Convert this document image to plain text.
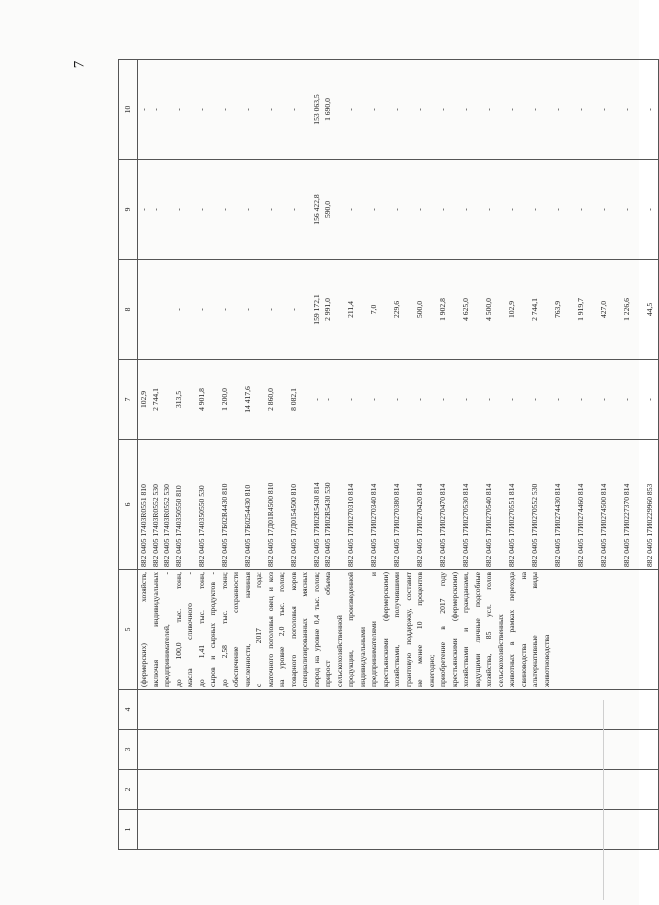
7
1	2	3	4	5	6	7	8	9	10
				(фермерских) хозяйств,	882 0405 17403R0551 810	102,9		-	-
				включая индивидуальных	882 0405 17403R0552 530	2 744,1		-	-
				предпринимателей, -	882 0405 17403R0552 530				
				до 100,0 тыс. тонн,	882 0405 1740350550 810	313,5	-	-	-
				масла сливочного -					
				до 1,41 тыс. тонн,	882 0405 1740350550 530	4 901,8	-	-	-
				сыров и сырных продуктов -					
				до 2,58 тыс. тонн;	882 0405 17Б02R4430 810	1 200,0	-	-	-
				обеспечение сохранности					
				численности, начиная	882 0405 17Б0254430 810	14 417,6	-	-	-
				с 2017 года:					
				маточного поголовья овец и коз	882 0405 17Д01R4500 810	2 860,0	-	-	-
				на уровне 2,0 тыс. голов;					
				товарного поголовья коров	882 0405 17Д0154500 810	8 082,1	-	-	-
				специализированных мясных					
				пород на уровне 0,4 тыс. голов;	882 0405 17И02R5430 814	-	159 172,1	156 422,8	153 063,5
				прирост объема	882 0405 17И02R5430 530	-	2 991,0	590,0	1 690,0
				сельскохозяйственной					
				продукции, произведенной	882 0405 17И0270310 814	-	211,4	-	-
				индивидуальными					
				предпринимателями и	882 0405 17И0270340 814	-	7,0	-	-
				крестьянскими (фермерскими)					
				хозяйствами, получившими	882 0405 17И0270380 814	-	229,6	-	-
				грантовую поддержку, составит					
				не менее 10 процентов	882 0405 17И0270420 814	-	500,0	-	-
				ежегодно;					
				приобретение в 2017 году	882 0405 17И0270470 814	-	1 902,8	-	-
				крестьянскими (фермерскими)					
				хозяйствами и гражданами,	882 0405 17И0270530 814	-	4 625,0	-	-
				ведущими личные подсобные					
				хозяйства, 85 усл. голов	882 0405 17И0270540 814	-	4 500,0	-	-
				сельскохозяйственных					
				животных в рамках перехода	882 0405 17И0270551 814	-	102,9	-	-
				свиноводства на					
				альтернативные виды	882 0405 17И0270552 530	-	2 744,1	-	-
				животноводства					
					882 0405 17И0274430 814	-	763,9	-	-

					882 0405 17И0274460 814	-	1 919,7	-	-

					882 0405 17И0274500 814	-	427,0	-	-

					882 0405 17И0227370 814	-	1 226,6	-	-

					882 0405 17И0229960 853	-	44,5	-	-
